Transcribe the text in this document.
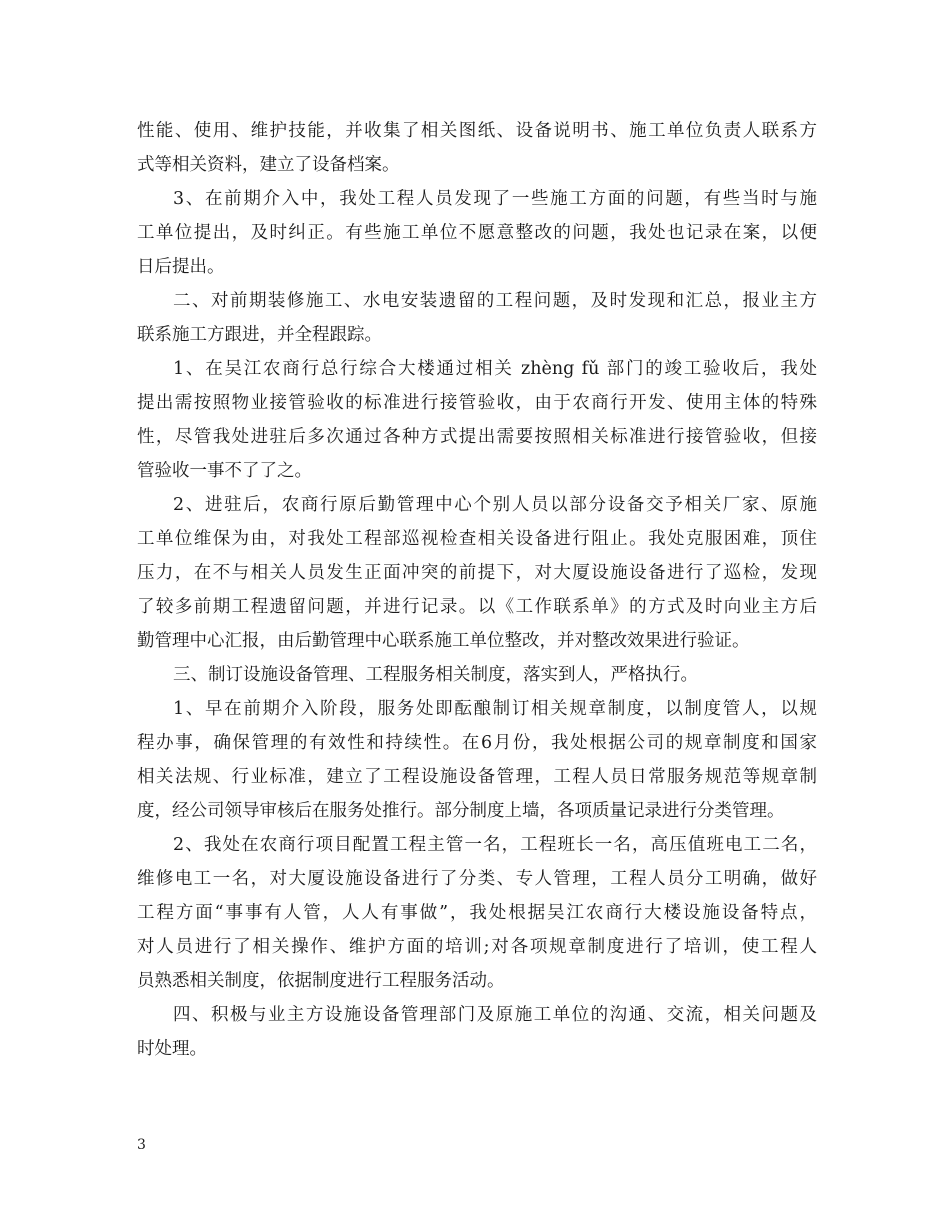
性能、使用、维护技能，并收集了相关图纸、设备说明书、施工单位负责人联系方
式等相关资料，建立了设备档案。
3、在前期介入中，我处工程人员发现了一些施工方面的问题，有些当时与施
工单位提出，及时纠正。有些施工单位不愿意整改的问题，我处也记录在案，以便
日后提出。
二、对前期装修施工、水电安装遗留的工程问题，及时发现和汇总，报业主方
联系施工方跟进，并全程跟踪。
1、在吴江农商行总行综合大楼通过相关 zhèng fǔ 部门的竣工验收后，我处
提出需按照物业接管验收的标准进行接管验收，由于农商行开发、使用主体的特殊
性，尽管我处进驻后多次通过各种方式提出需要按照相关标准进行接管验收，但接
管验收一事不了了之。
2、进驻后，农商行原后勤管理中心个别人员以部分设备交予相关厂家、原施
工单位维保为由，对我处工程部巡视检查相关设备进行阻止。我处克服困难，顶住
压力，在不与相关人员发生正面冲突的前提下，对大厦设施设备进行了巡检，发现
了较多前期工程遗留问题，并进行记录。以《工作联系单》的方式及时向业主方后
勤管理中心汇报，由后勤管理中心联系施工单位整改，并对整改效果进行验证。
三、制订设施设备管理、工程服务相关制度，落实到人，严格执行。
1、早在前期介入阶段，服务处即酝酿制订相关规章制度，以制度管人，以规
程办事，确保管理的有效性和持续性。在6月份，我处根据公司的规章制度和国家
相关法规、行业标准，建立了工程设施设备管理，工程人员日常服务规范等规章制
度，经公司领导审核后在服务处推行。部分制度上墙，各项质量记录进行分类管理。
2、我处在农商行项目配置工程主管一名，工程班长一名，高压值班电工二名，
维修电工一名，对大厦设施设备进行了分类、专人管理，工程人员分工明确，做好
工程方面“事事有人管，人人有事做”，我处根据吴江农商行大楼设施设备特点，
对人员进行了相关操作、维护方面的培训;对各项规章制度进行了培训，使工程人
员熟悉相关制度，依据制度进行工程服务活动。
四、积极与业主方设施设备管理部门及原施工单位的沟通、交流，相关问题及
时处理。
3
